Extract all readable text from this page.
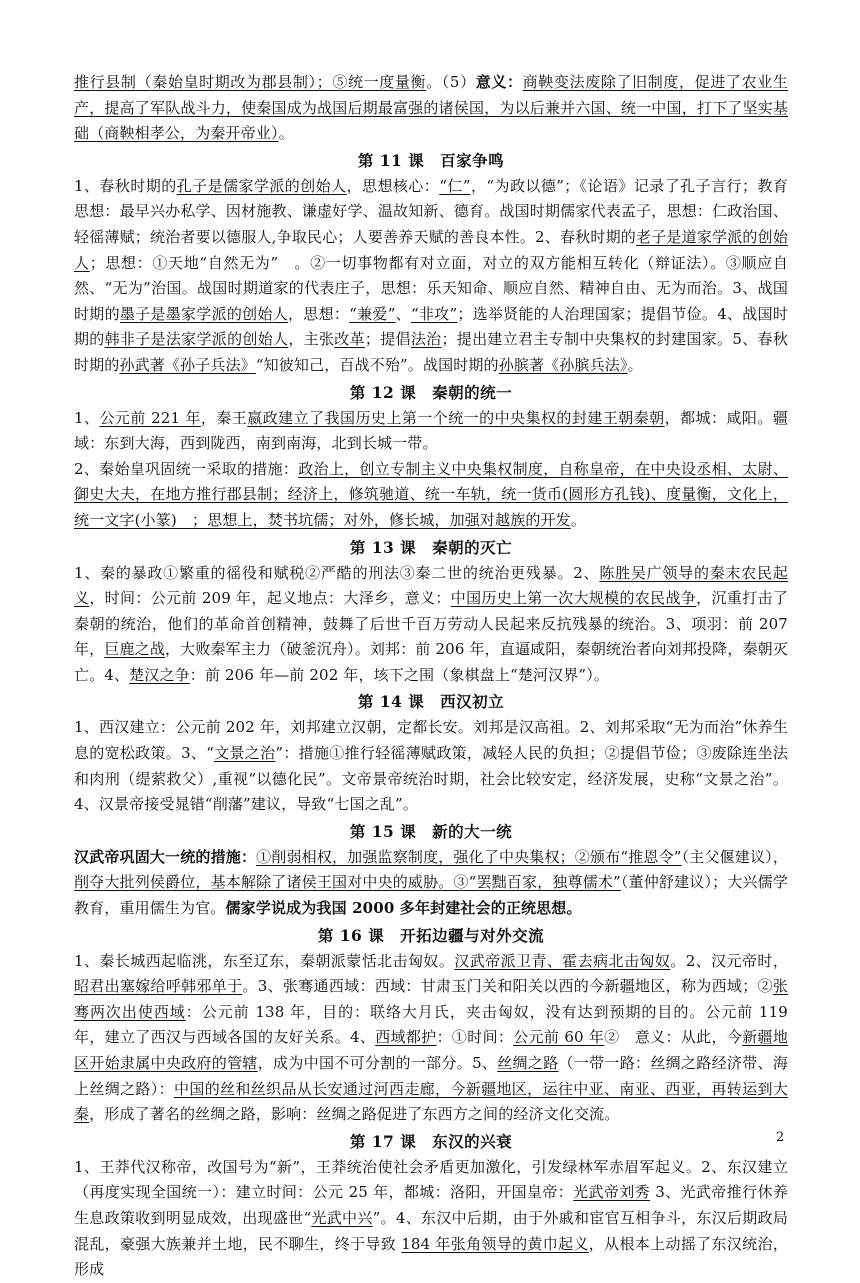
推行县制（秦始皇时期改为郡县制）；⑤统一度量衡。（5）意义：商鞅变法废除了旧制度，促进了农业生产，提高了军队战斗力，使秦国成为战国后期最富强的诸侯国，为以后兼并六国、统一中国，打下了坚实基础（商鞅相孝公，为秦开帝业）。

第 11 课　百家争鸣

1、春秋时期的孔子是儒家学派的创始人，思想核心：“仁”，“为政以德”；《论语》记录了孔子言行；教育思想：最早兴办私学、因材施教、谦虚好学、温故知新、德育。战国时期儒家代表孟子，思想：仁政治国、轻徭薄赋；统治者要以德服人,争取民心；人要善养天赋的善良本性。2、春秋时期的老子是道家学派的创始人；思想：①天地“自然无为”　。②一切事物都有对立面，对立的双方能相互转化（辩证法）。③顺应自然、“无为”治国。战国时期道家的代表庄子，思想：乐天知命、顺应自然、精神自由、无为而治。3、战国时期的墨子是墨家学派的创始人，思想：“兼爱”、“非攻”；选举贤能的人治理国家；提倡节俭。4、战国时期的韩非子是法家学派的创始人，主张改革；提倡法治；提出建立君主专制中央集权的封建国家。5、春秋时期的孙武著《孙子兵法》“知彼知己，百战不殆”。战国时期的孙膑著《孙膑兵法》。

第 12 课　秦朝的统一

1、公元前 221 年，秦王嬴政建立了我国历史上第一个统一的中央集权的封建王朝秦朝，都城：咸阳。疆域：东到大海，西到陇西，南到南海，北到长城一带。

2、秦始皇巩固统一采取的措施：政治上，创立专制主义中央集权制度，自称皇帝，在中央设丞相、太尉、御史大夫，在地方推行郡县制；经济上，修筑驰道、统一车轨，统一货币(圆形方孔钱)、度量衡，文化上，统一文字(小篆)　；思想上，焚书坑儒；对外，修长城，加强对越族的开发。

第 13 课　秦朝的灭亡

1、秦的暴政①繁重的徭役和赋税②严酷的刑法③秦二世的统治更残暴。2、陈胜吴广领导的秦末农民起义，时间：公元前 209 年，起义地点：大泽乡，意义：中国历史上第一次大规模的农民战争，沉重打击了秦朝的统治，他们的革命首创精神，鼓舞了后世千百万劳动人民起来反抗残暴的统治。3、项羽：前 207 年，巨鹿之战，大败秦军主力（破釜沉舟）。刘邦：前 206 年，直逼咸阳，秦朝统治者向刘邦投降，秦朝灭亡。4、楚汉之争：前 206 年—前 202 年，垓下之围（象棋盘上“楚河汉界”）。

第 14 课　西汉初立

1、西汉建立：公元前 202 年，刘邦建立汉朝，定都长安。刘邦是汉高祖。2、刘邦采取“无为而治”休养生息的宽松政策。3、“文景之治”：措施①推行轻徭薄赋政策，减轻人民的负担；②提倡节俭；③废除连坐法和肉刑（缇萦救父）,重视“以德化民”。文帝景帝统治时期，社会比较安定，经济发展，史称“文景之治”。4、汉景帝接受晁错“削藩”建议，导致“七国之乱”。

第 15 课　新的大一统

汉武帝巩固大一统的措施：①削弱相权，加强监察制度，强化了中央集权；②颁布“推恩令”（主父偃建议），削夺大批列侯爵位，基本解除了诸侯王国对中央的威胁。③“罢黜百家，独尊儒术”（董仲舒建议）；大兴儒学教育，重用儒生为官。儒家学说成为我国 2000 多年封建社会的正统思想。

第 16 课　开拓边疆与对外交流

1、秦长城西起临洮，东至辽东，秦朝派蒙恬北击匈奴。汉武帝派卫青、霍去病北击匈奴。2、汉元帝时，昭君出塞嫁给呼韩邪单于。3、张骞通西域：西域：甘肃玉门关和阳关以西的今新疆地区，称为西域；②张骞两次出使西域：公元前 138 年，目的：联络大月氏，夹击匈奴，没有达到预期的目的。公元前 119 年，建立了西汉与西域各国的友好关系。4、西域都护：①时间：公元前 60 年②　意义：从此，今新疆地区开始隶属中央政府的管辖，成为中国不可分割的一部分。5、丝绸之路（一带一路：丝绸之路经济带、海上丝绸之路）：中国的丝和丝织品从长安通过河西走廊，今新疆地区，运往中亚、南亚、西亚，再转运到大秦，形成了著名的丝绸之路，影响：丝绸之路促进了东西方之间的经济文化交流。

第 17 课　东汉的兴衰

1、王莽代汉称帝，改国号为“新”，王莽统治使社会矛盾更加激化，引发绿林军赤眉军起义。2、东汉建立（再度实现全国统一）：建立时间：公元 25 年，都城：洛阳，开国皇帝：光武帝刘秀 3、光武帝推行休养生息政策收到明显成效，出现盛世“光武中兴”。4、东汉中后期，由于外戚和宦官互相争斗，东汉后期政局混乱，豪强大族兼并土地，民不聊生，终于导致 184 年张角领导的黄巾起义，从根本上动摇了东汉统治，形成

2
